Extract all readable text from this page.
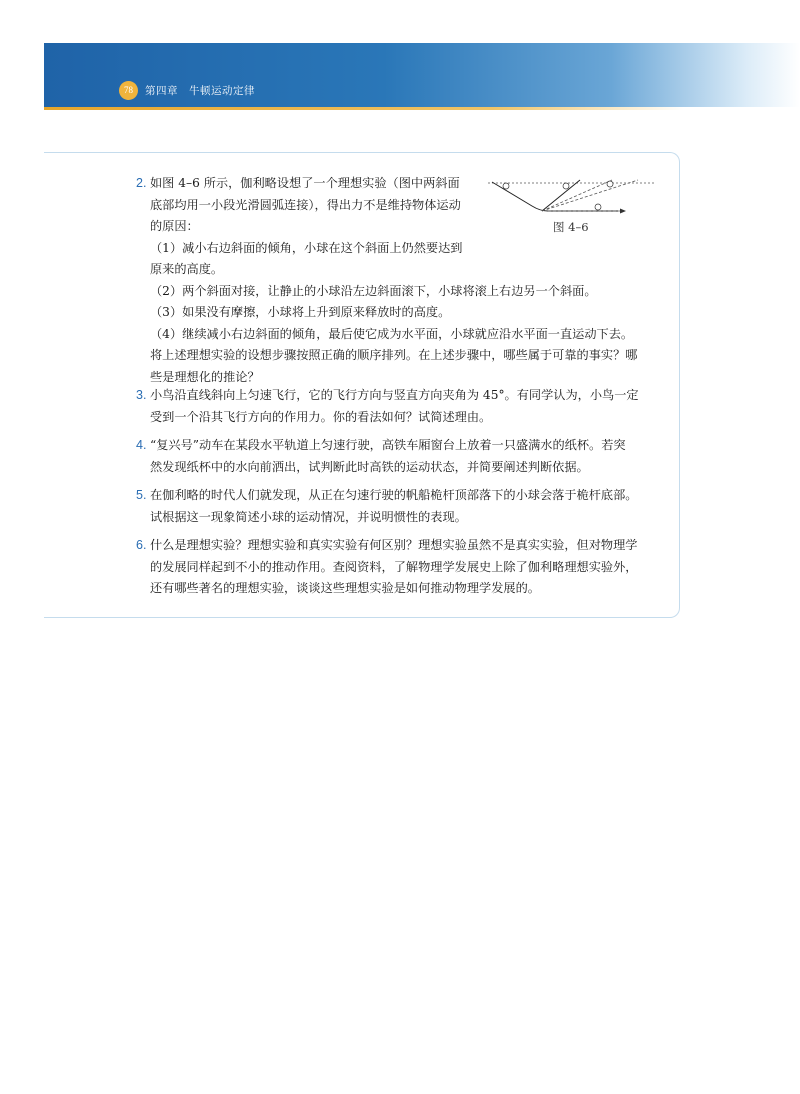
78	第四章　牛顿运动定律
2. 如图 4–6 所示，伽利略设想了一个理想实验（图中两斜面
底部均用一小段光滑圆弧连接），得出力不是维持物体运动
的原因：
（1）减小右边斜面的倾角，小球在这个斜面上仍然要达到
原来的高度。
（2）两个斜面对接，让静止的小球沿左边斜面滚下，小球将滚上右边另一个斜面。
（3）如果没有摩擦，小球将上升到原来释放时的高度。
（4）继续减小右边斜面的倾角，最后使它成为水平面，小球就应沿水平面一直运动下去。
将上述理想实验的设想步骤按照正确的顺序排列。在上述步骤中，哪些属于可靠的事实？哪
些是理想化的推论？
图 4–6
3. 小鸟沿直线斜向上匀速飞行，它的飞行方向与竖直方向夹角为 45°。有同学认为，小鸟一定
受到一个沿其飞行方向的作用力。你的看法如何？试简述理由。
4. “复兴号”动车在某段水平轨道上匀速行驶，高铁车厢窗台上放着一只盛满水的纸杯。若突
然发现纸杯中的水向前洒出，试判断此时高铁的运动状态，并简要阐述判断依据。
5. 在伽利略的时代人们就发现，从正在匀速行驶的帆船桅杆顶部落下的小球会落于桅杆底部。
试根据这一现象简述小球的运动情况，并说明惯性的表现。
6. 什么是理想实验？理想实验和真实实验有何区别？理想实验虽然不是真实实验，但对物理学
的发展同样起到不小的推动作用。查阅资料，了解物理学发展史上除了伽利略理想实验外，
还有哪些著名的理想实验，谈谈这些理想实验是如何推动物理学发展的。
